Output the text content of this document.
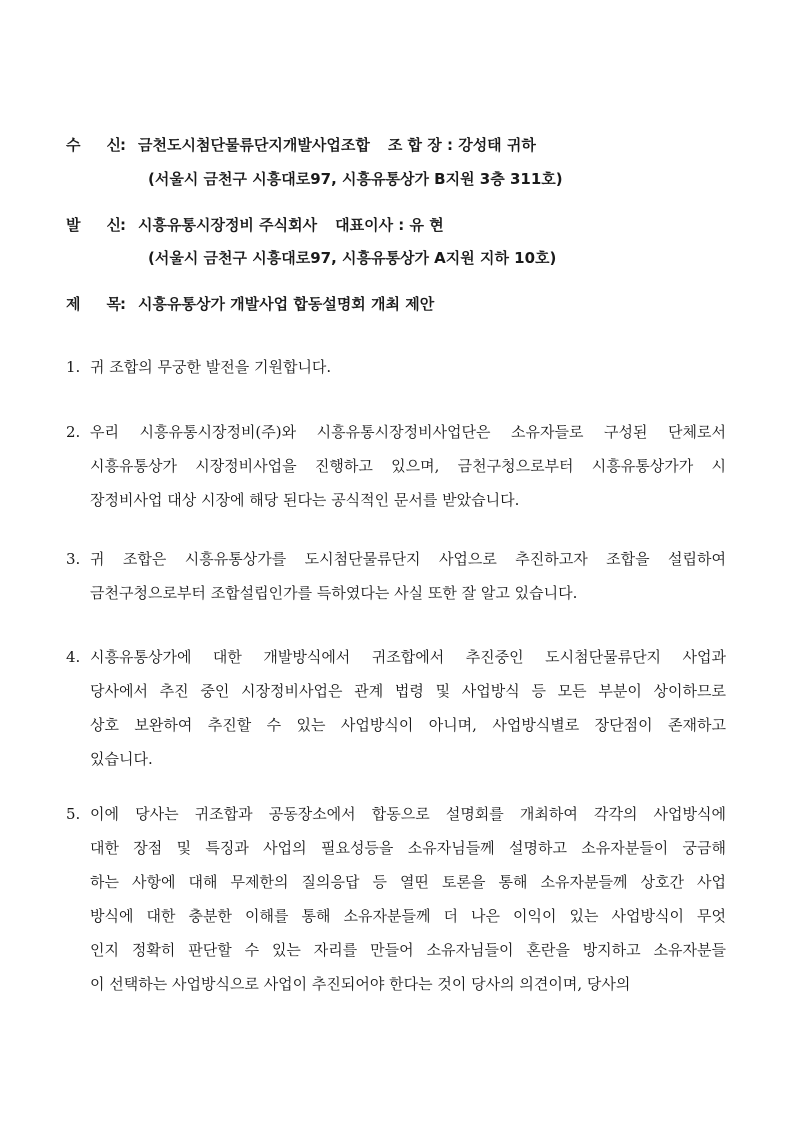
수 신: 금천도시첨단물류단지개발사업조합 조 합 장 : 강성태 귀하
(서울시 금천구 시흥대로97, 시흥유통상가 B지원 3층 311호)
발 신: 시흥유통시장정비 주식회사 대표이사 : 유 현
(서울시 금천구 시흥대로97, 시흥유통상가 A지원 지하 10호)
제 목: 시흥유통상가 개발사업 합동설명회 개최 제안
1. 귀 조합의 무궁한 발전을 기원합니다.
2. 우리 시흥유통시장정비(주)와 시흥유통시장정비사업단은 소유자들로 구성된 단체로서
시흥유통상가 시장정비사업을 진행하고 있으며, 금천구청으로부터 시흥유통상가가 시
장정비사업 대상 시장에 해당 된다는 공식적인 문서를 받았습니다.
3. 귀 조합은 시흥유통상가를 도시첨단물류단지 사업으로 추진하고자 조합을 설립하여
금천구청으로부터 조합설립인가를 득하였다는 사실 또한 잘 알고 있습니다.
4. 시흥유통상가에 대한 개발방식에서 귀조합에서 추진중인 도시첨단물류단지 사업과
당사에서 추진 중인 시장정비사업은 관계 법령 및 사업방식 등 모든 부분이 상이하므로
상호 보완하여 추진할 수 있는 사업방식이 아니며, 사업방식별로 장단점이 존재하고
있습니다.
5. 이에 당사는 귀조합과 공동장소에서 합동으로 설명회를 개최하여 각각의 사업방식에
대한 장점 및 특징과 사업의 필요성등을 소유자님들께 설명하고 소유자분들이 궁금해
하는 사항에 대해 무제한의 질의응답 등 열띤 토론을 통해 소유자분들께 상호간 사업
방식에 대한 충분한 이해를 통해 소유자분들께 더 나은 이익이 있는 사업방식이 무엇
인지 정확히 판단할 수 있는 자리를 만들어 소유자님들이 혼란을 방지하고 소유자분들
이 선택하는 사업방식으로 사업이 추진되어야 한다는 것이 당사의 의견이며, 당사의
